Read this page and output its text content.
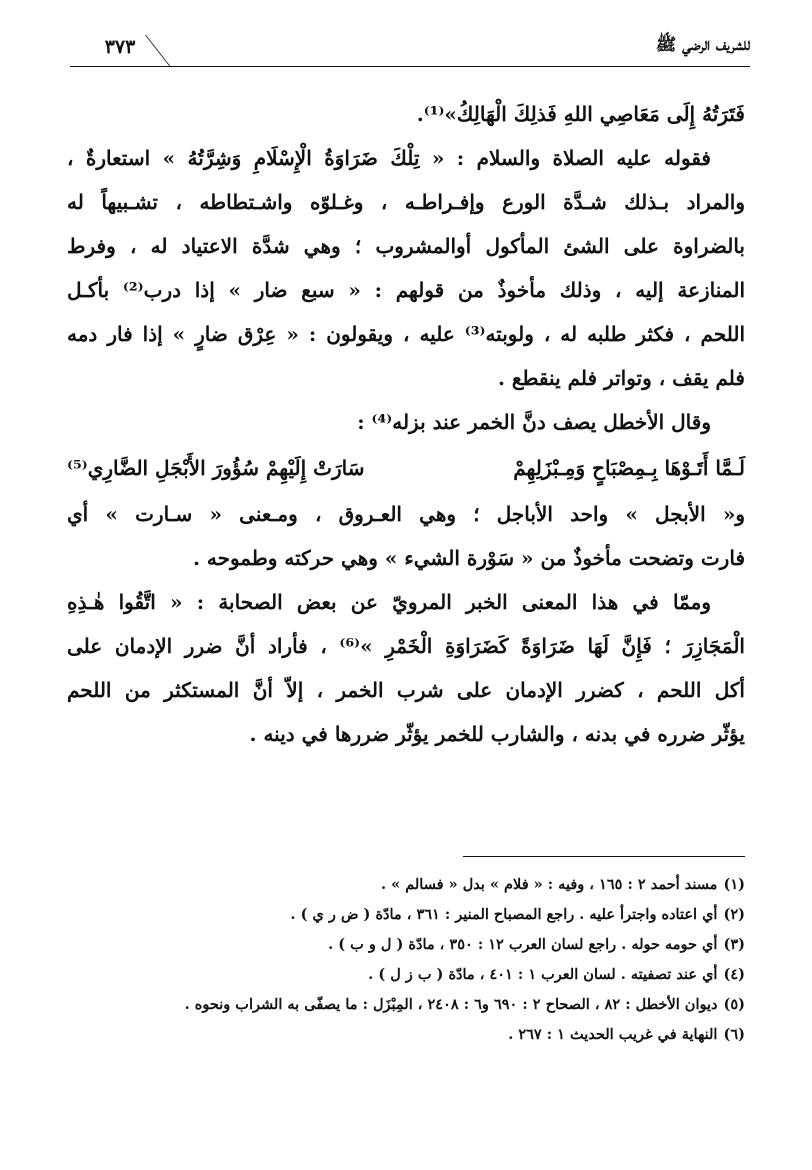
للشريف الرضي ﷺ
٣٧٣
فَتَرَتُهُ إِلَى مَعَاصِي اللهِ فَذلِكَ الْهَالِكُ»⁽¹⁾.
فقوله عليه الصلاة والسلام : « تِلْكَ ضَرَاوَةُ الْإِسْلَامِ وَشِرَّتُهُ » استعارةٌ ،
والمراد بـذلك شـدَّة الورع وإفـراطـه ، وغـلوّه واشـتطاطه ، تشـبيهاً له
بالضراوة على الشئ المأكول أوالمشروب ؛ وهي شدَّة الاعتياد له ، وفرط
المنازعة إليه ، وذلك مأخوذٌ من قولهم : « سبع ضار » إذا درب⁽²⁾ بأكـل
اللحم ، فكثر طلبه له ، ولوبته⁽³⁾ عليه ، ويقولون : « عِرْق ضارٍ » إذا فار دمه
فلم يقف ، وتواتر فلم ينقطع .
وقال الأخطل يصف دنَّ الخمر عند بزله⁽⁴⁾ :
لَـمَّا أَتَـوْهَا بِـمِصْبَاحٍ وَمِـبْزَلِهِمْ
سَارَتْ إِلَيْهِمْ سُؤُورَ الأَبْجَلِ الضَّارِي⁽⁵⁾
و« الأبجل » واحد الأباجل ؛ وهي العـروق ، ومـعنى « سـارت » أي
فارت وتضحت مأخوذٌ من « سَوْرة الشيء » وهي حركته وطموحه .
وممّا في هذا المعنى الخبر المرويّ عن بعض الصحابة : « اتَّقُوا هٰـذِهِ
الْمَجَازِرَ ؛ فَإِنَّ لَهَا ضَرَاوَةً كَضَرَاوَةِ الْخَمْرِ »⁽⁶⁾ ، فأراد أنَّ ضرر الإدمان على
أكل اللحم ، كضرر الإدمان على شرب الخمر ، إلاّ أنَّ المستكثر من اللحم
يؤثّر ضرره في بدنه ، والشارب للخمر يؤثّر ضررها في دينه .
(١)مسند أحمد ٢ : ١٦٥ ، وفيه : « فلام » بدل « فسالم » .
(٢)أي اعتاده واجترأ عليه . راجع المصباح المنير : ٣٦١ ، مادّة ( ض ر ي ) .
(٣)أي حومه حوله . راجع لسان العرب ١٢ : ٣٥٠ ، مادّة ( ل و ب ) .
(٤)أي عند تصفيته . لسان العرب ١ : ٤٠١ ، مادّة ( ب ز ل ) .
(٥)ديوان الأخطل : ٨٢ ، الصحاح ٢ : ٦٩٠ و٦ : ٢٤٠٨ ، المِبْزَل : ما يصفّى به الشراب ونحوه .
(٦)النهاية في غريب الحديث ١ : ٢٦٧ .
